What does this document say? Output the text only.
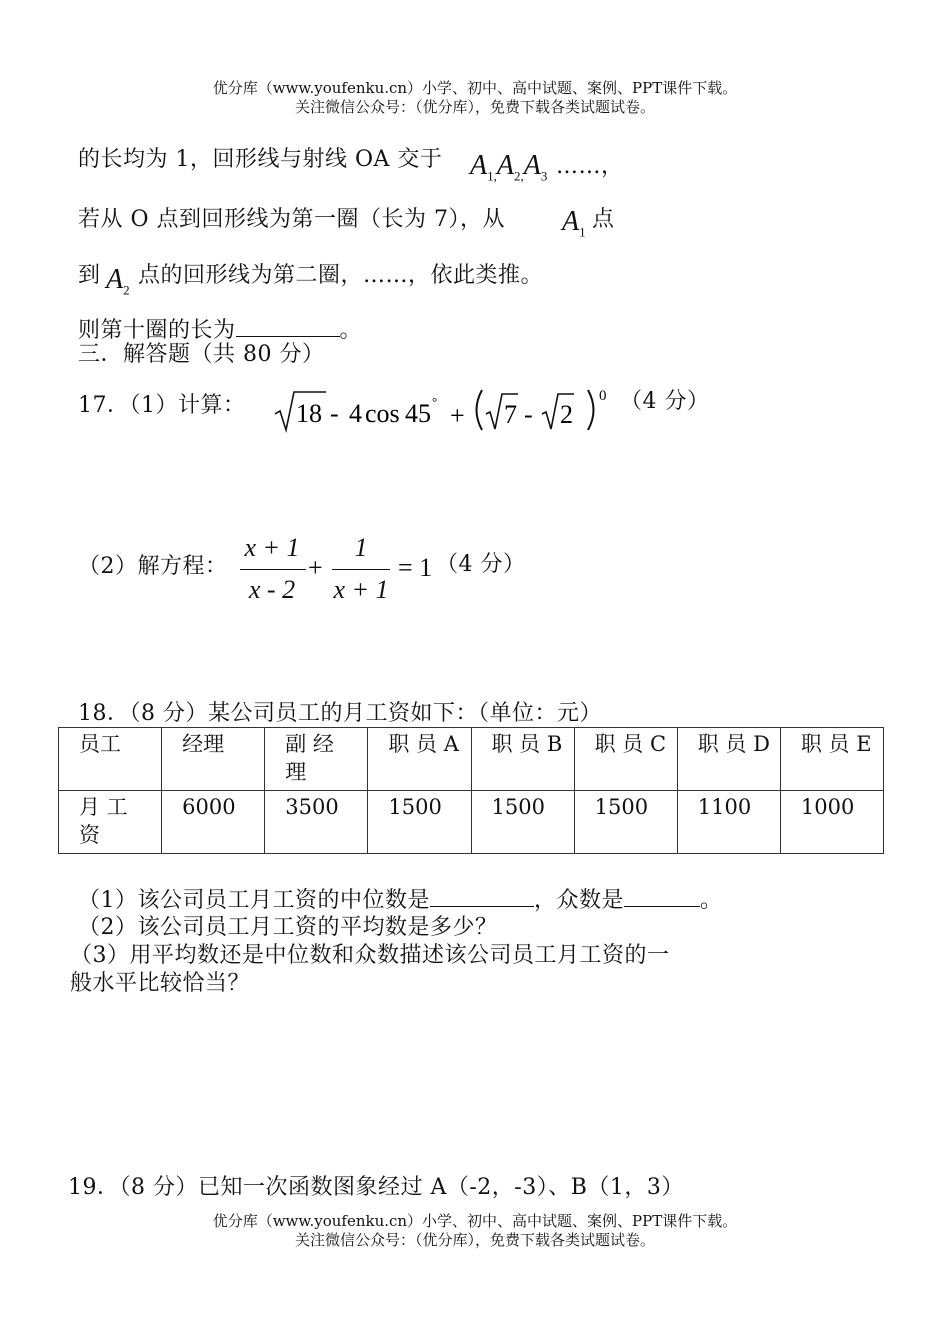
优分库（www.youfenku.cn）小学、初中、高中试题、案例、PPT课件下载。
关注微信公众号：（优分库），免费下载各类试题试卷。
的长均为 1，回形线与射线 OA 交于 $A_{1,}A_{2,}A_3$ ……，
若从 O 点到回形线为第一圈（长为 7），从 $A_1$
点
到 $A_2$
点的回形线为第二圈，……，依此类推。
则第十圈的长为	。
三．解答题（共 80 分）
17．（1）计算： 18 - 4 cos 45 ° + 7 - 2
0 （4 分）
（2）解方程：
x + 1
x - 2
+
1
x + 1
= 1 （4 分）
18．（8 分）某公司员工的月工资如下：（单位：元）
员工	经理	副 经 理	职 员 A	职 员 B	职 员 C	职 员 D	职 员 E
月 工 资	6000	3500	1500	1500	1500	1100	1000
（1）该公司员工月工资的中位数是	，众数是	。
（2）该公司员工月工资的平均数是多少？
（3）用平均数还是中位数和众数描述该公司员工月工资的一
般水平比较恰当？
19．（8 分）已知一次函数图象经过 A（-2，-3）、B（1，3）
优分库（www.youfenku.cn）小学、初中、高中试题、案例、PPT课件下载。
关注微信公众号：（优分库），免费下载各类试题试卷。
